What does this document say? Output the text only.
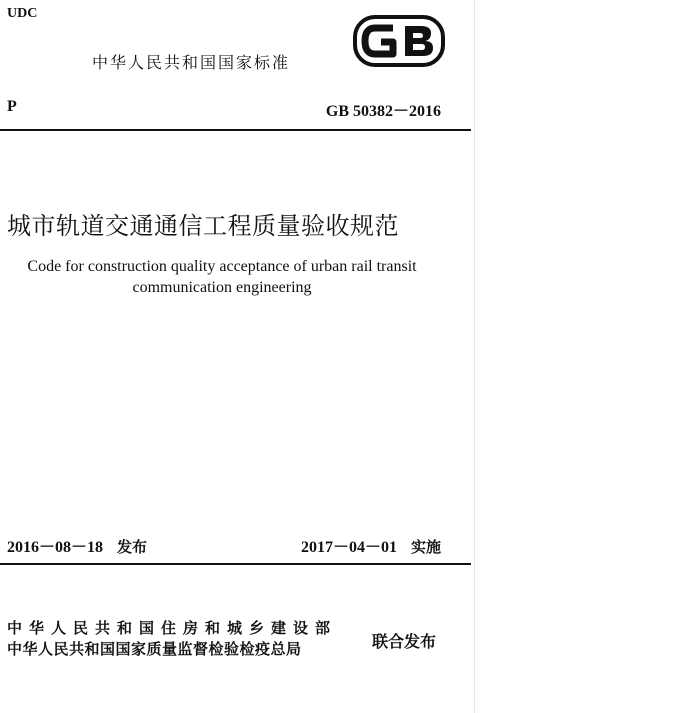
UDC
中华人民共和国国家标准
P	GB 50382－2016
城市轨道交通通信工程质量验收规范
Code for construction quality acceptance of urban rail transit
communication engineering
2016－08－18 发布	2017－04－01 实施
中华人民共和国住房和城乡建设部
中华人民共和国国家质量监督检验检疫总局	联合发布
